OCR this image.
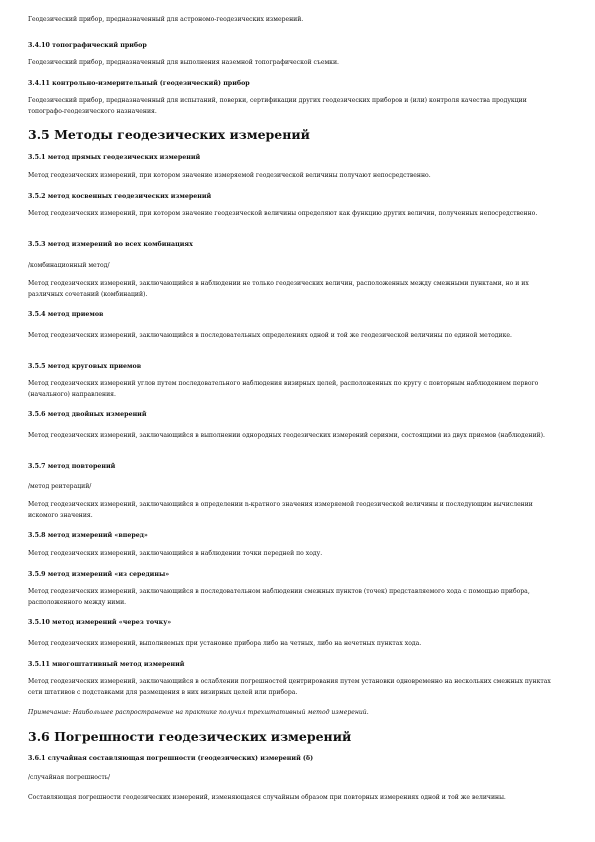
Геодезический прибор, предназначенный для астрономо-геодезических измерений.

3.4.10 топографический прибор

Геодезический прибор, предназначенный для выполнения наземной топографической съемки.

3.4.11 контрольно-измерительный (геодезический) прибор

Геодезический прибор, предназначенный для испытаний, поверки, сертификации других геодезических приборов и (или) контроля качества продукции топографо-геодезического назначения.

3.5 Методы геодезических измерений

3.5.1 метод прямых геодезических измерений

Метод геодезических измерений, при котором значение измеряемой геодезической величины получают непосредственно.

3.5.2 метод косвенных геодезических измерений

Метод геодезических измерений, при котором значение геодезической величины определяют как функцию других величин, полученных непосредственно.

3.5.3 метод измерений во всех комбинациях

/комбинационный метод/

Метод геодезических измерений, заключающийся в наблюдении не только геодезических величин, расположенных между смежными пунктами, но и их различных сочетаний (комбинаций).

3.5.4 метод приемов

Метод геодезических измерений, заключающийся в последовательных определениях одной и той же геодезической величины по единой методике.

3.5.5 метод круговых приемов

Метод геодезических измерений углов путем последовательного наблюдения визирных целей, расположенных по кругу с повторным наблюдением первого (начального) направления.

3.5.6 метод двойных измерений

Метод геодезических измерений, заключающийся в выполнении однородных геодезических измерений сериями, состоящими из двух приемов (наблюдений).

3.5.7 метод повторений

/метод реитераций/

Метод геодезических измерений, заключающийся в определении n-кратного значения измеряемой геодезической величины и последующим вычислении искомого значения.

3.5.8 метод измерений «вперед»

Метод геодезических измерений, заключающийся в наблюдении точки передней по ходу.

3.5.9 метод измерений «из середины»

Метод геодезических измерений, заключающийся в последовательном наблюдении смежных пунктов (точек) представляемого хода с помощью прибора, расположенного между ними.

3.5.10 метод измерений «через точку»

Метод геодезических измерений, выполняемых при установке прибора либо на четных, либо на нечетных пунктах хода.

3.5.11 многоштативный метод измерений

Метод геодезических измерений, заключающийся в ослаблении погрешностей центрирования путем установки одновременно на нескольких смежных пунктах сети штативов с подставками для размещения в них визирных целей или прибора.

Примечание: Наибольшее распространение на практике получил трехштативный метод измерений.

3.6 Погрешности геодезических измерений

3.6.1 случайная составляющая погрешности (геодезических) измерений (δ)

/случайная погрешность/

Составляющая погрешности геодезических измерений, изменяющаяся случайным образом при повторных измерениях одной и той же величины.
